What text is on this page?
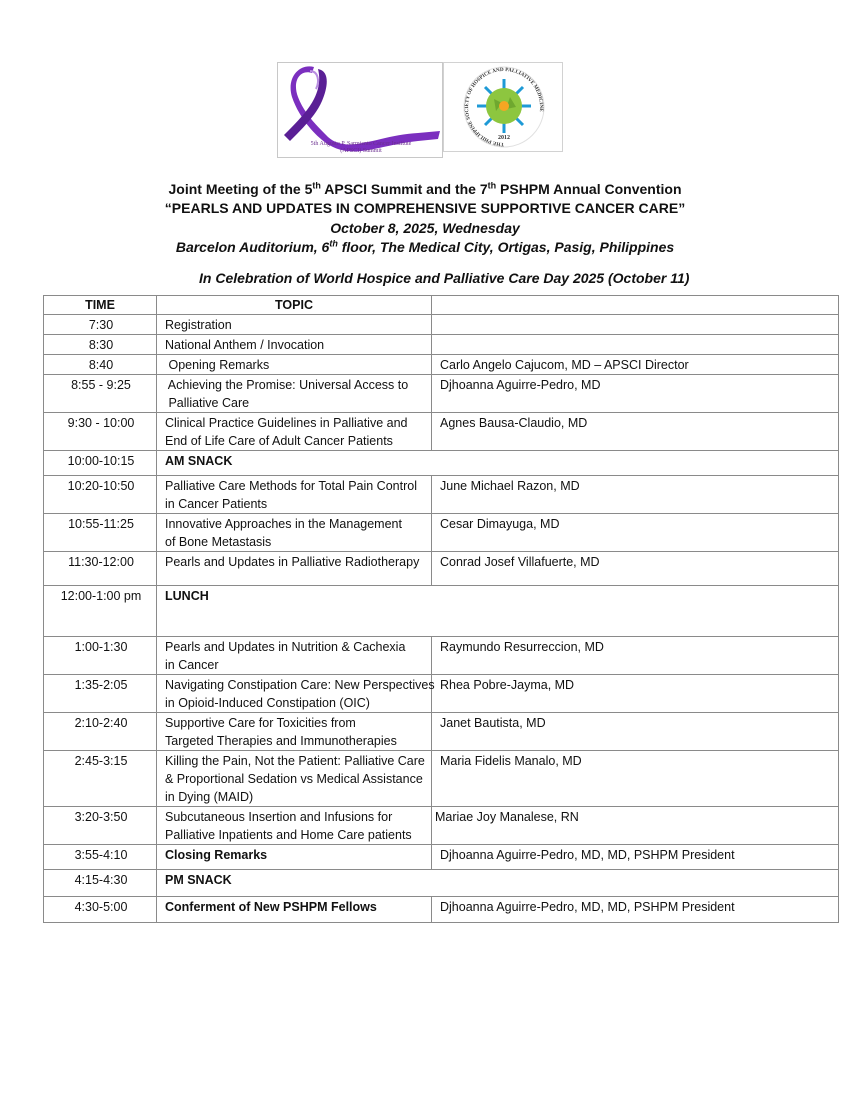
5th Augusto P. Sarmiento Cancer Institute
(APSCI) Summit
THE PHILIPPINE SOCIETY OF HOSPICE AND PALLIATIVE MEDICINE
2012
Joint Meeting of the 5th APSCI Summit and the 7th PSHPM Annual Convention
“PEARLS AND UPDATES IN COMPREHENSIVE SUPPORTIVE CANCER CARE”
October 8, 2025, Wednesday
Barcelon Auditorium, 6th floor, The Medical City, Ortigas, Pasig, Philippines
In Celebration of World Hospice and Palliative Care Day 2025 (October 11)
TIME	TOPIC	
7:30	Registration	
8:30	National Anthem / Invocation	
8:40	Opening Remarks	Carlo Angelo Cajucom, MD – APSCI Director
8:55 - 9:25	Achieving the Promise: Universal Access to
Palliative Care	Djhoanna Aguirre-Pedro, MD
9:30 - 10:00	Clinical Practice Guidelines in Palliative and
End of Life Care of Adult Cancer Patients	Agnes Bausa-Claudio, MD
10:00-10:15	AM SNACK	
10:20-10:50	Palliative Care Methods for Total Pain Control
in Cancer Patients	June Michael Razon, MD
10:55-11:25	Innovative Approaches in the Management
of Bone Metastasis	Cesar Dimayuga, MD
11:30-12:00	Pearls and Updates in Palliative Radiotherapy	Conrad Josef Villafuerte, MD
12:00-1:00 pm	LUNCH	
1:00-1:30	Pearls and Updates in Nutrition & Cachexia
in Cancer	Raymundo Resurreccion, MD
1:35-2:05	Navigating Constipation Care: New Perspectives
in Opioid-Induced Constipation (OIC)	Rhea Pobre-Jayma, MD
2:10-2:40	Supportive Care for Toxicities from
Targeted Therapies and Immunotherapies	Janet Bautista, MD
2:45-3:15	Killing the Pain, Not the Patient: Palliative Care
& Proportional Sedation vs Medical Assistance
in Dying (MAID)	Maria Fidelis Manalo, MD
3:20-3:50	Subcutaneous Insertion and Infusions for
Palliative Inpatients and Home Care patients	Mariae Joy Manalese, RN
3:55-4:10	Closing Remarks	Djhoanna Aguirre-Pedro, MD, MD, PSHPM President
4:15-4:30	PM SNACK	
4:30-5:00	Conferment of New PSHPM Fellows	Djhoanna Aguirre-Pedro, MD, MD, PSHPM President
